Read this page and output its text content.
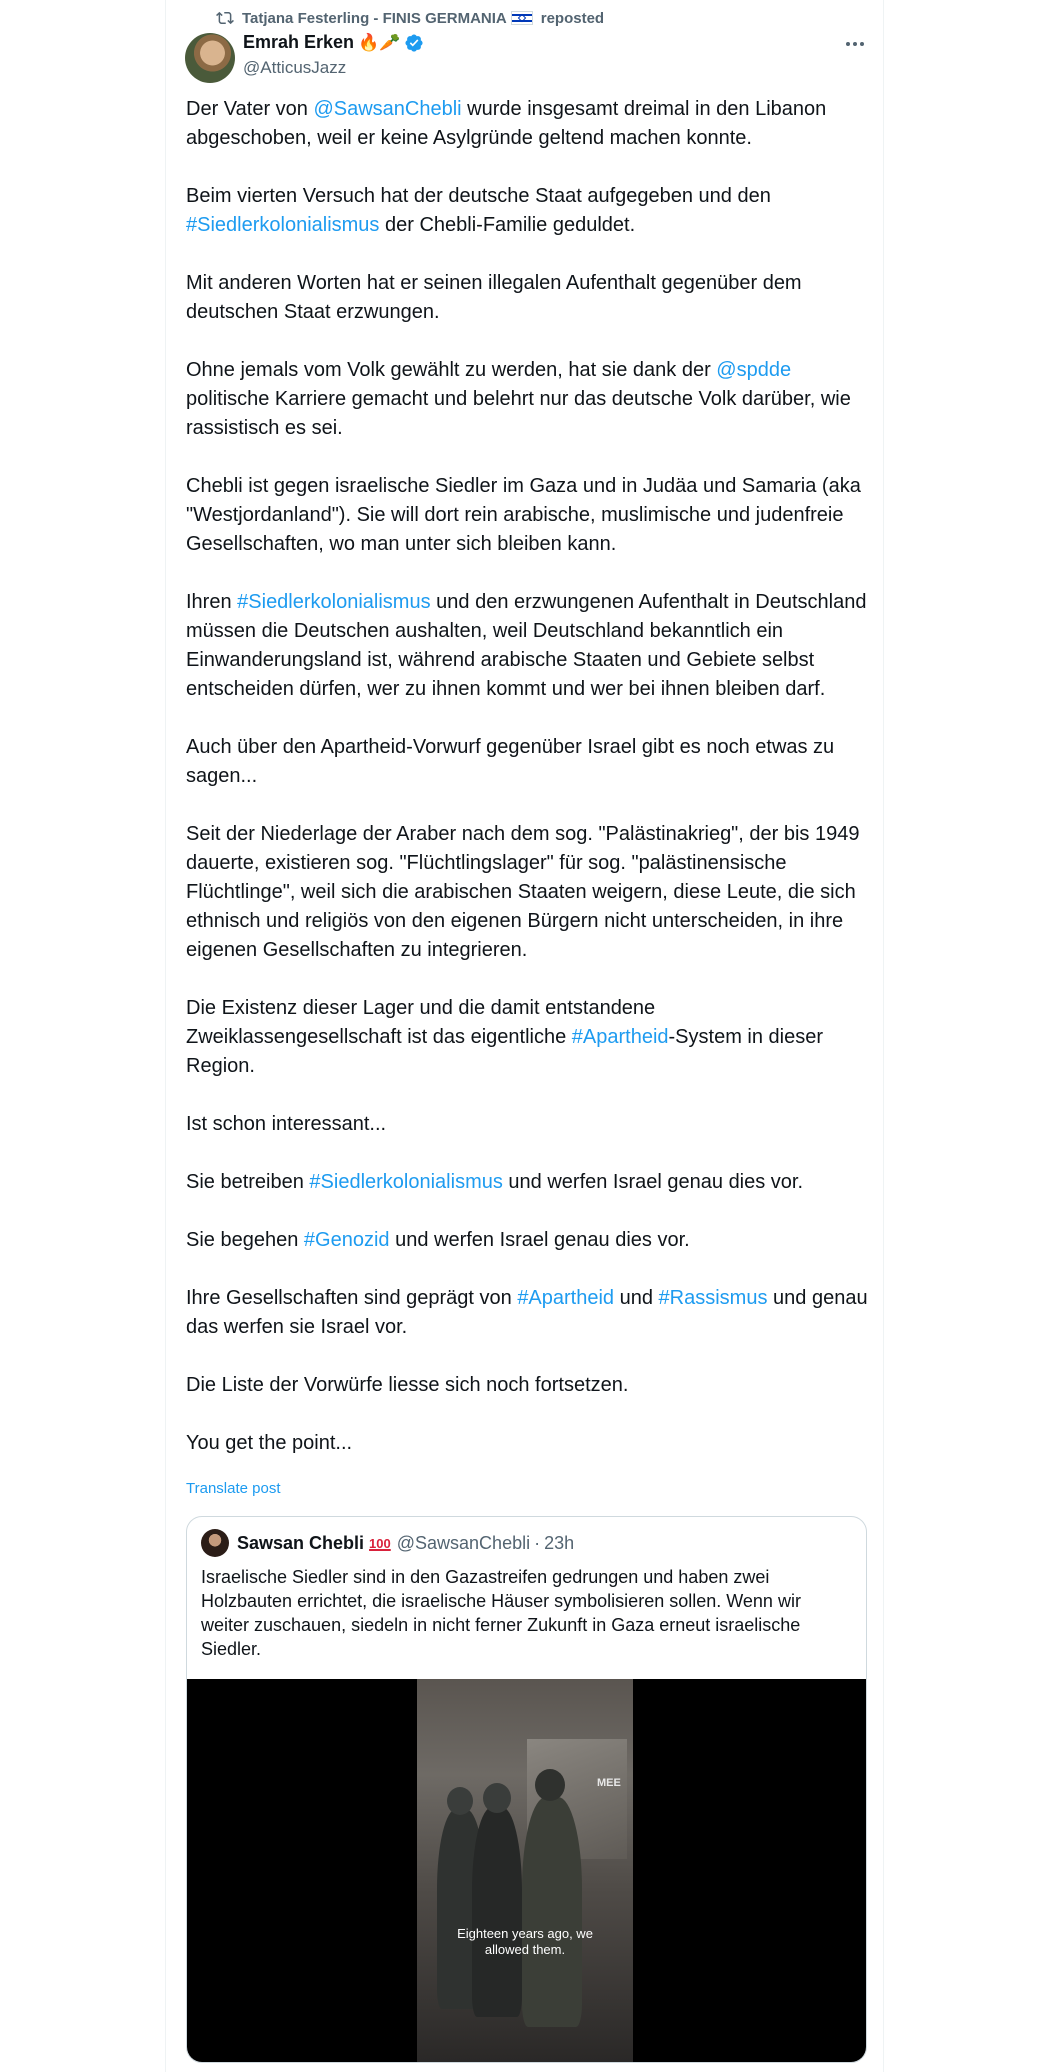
Tatjana Festerling - FINIS GERMANIA reposted
Emrah Erken 🔥🥕
@AtticusJazz

Der Vater von @SawsanChebli wurde insgesamt dreimal in den Libanon abgeschoben, weil er keine Asylgründe geltend machen konnte.

Beim vierten Versuch hat der deutsche Staat aufgegeben und den #Siedlerkolonialismus der Chebli-Familie geduldet.

Mit anderen Worten hat er seinen illegalen Aufenthalt gegenüber dem deutschen Staat erzwungen.

Ohne jemals vom Volk gewählt zu werden, hat sie dank der @spdde politische Karriere gemacht und belehrt nur das deutsche Volk darüber, wie rassistisch es sei.

Chebli ist gegen israelische Siedler im Gaza und in Judäa und Samaria (aka "Westjordanland"). Sie will dort rein arabische, muslimische und judenfreie Gesellschaften, wo man unter sich bleiben kann.

Ihren #Siedlerkolonialismus und den erzwungenen Aufenthalt in Deutschland müssen die Deutschen aushalten, weil Deutschland bekanntlich ein Einwanderungsland ist, während arabische Staaten und Gebiete selbst entscheiden dürfen, wer zu ihnen kommt und wer bei ihnen bleiben darf.

Auch über den Apartheid-Vorwurf gegenüber Israel gibt es noch etwas zu sagen...

Seit der Niederlage der Araber nach dem sog. "Palästinakrieg", der bis 1949 dauerte, existieren sog. "Flüchtlingslager" für sog. "palästinensische Flüchtlinge", weil sich die arabischen Staaten weigern, diese Leute, die sich ethnisch und religiös von den eigenen Bürgern nicht unterscheiden, in ihre eigenen Gesellschaften zu integrieren.

Die Existenz dieser Lager und die damit entstandene Zweiklassengesellschaft ist das eigentliche #Apartheid-System in dieser Region.

Ist schon interessant...

Sie betreiben #Siedlerkolonialismus und werfen Israel genau dies vor.

Sie begehen #Genozid und werfen Israel genau dies vor.

Ihre Gesellschaften sind geprägt von #Apartheid und #Rassismus und genau das werfen sie Israel vor.

Die Liste der Vorwürfe liesse sich noch fortsetzen.

You get the point...

Translate post
Sawsan Chebli 100 @SawsanChebli · 23h
Israelische Siedler sind in den Gazastreifen gedrungen und haben zwei Holzbauten errichtet, die israelische Häuser symbolisieren sollen. Wenn wir weiter zuschauen, siedeln in nicht ferner Zukunft in Gaza erneut israelische Siedler.
MEE
Eighteen years ago, we
allowed them.
